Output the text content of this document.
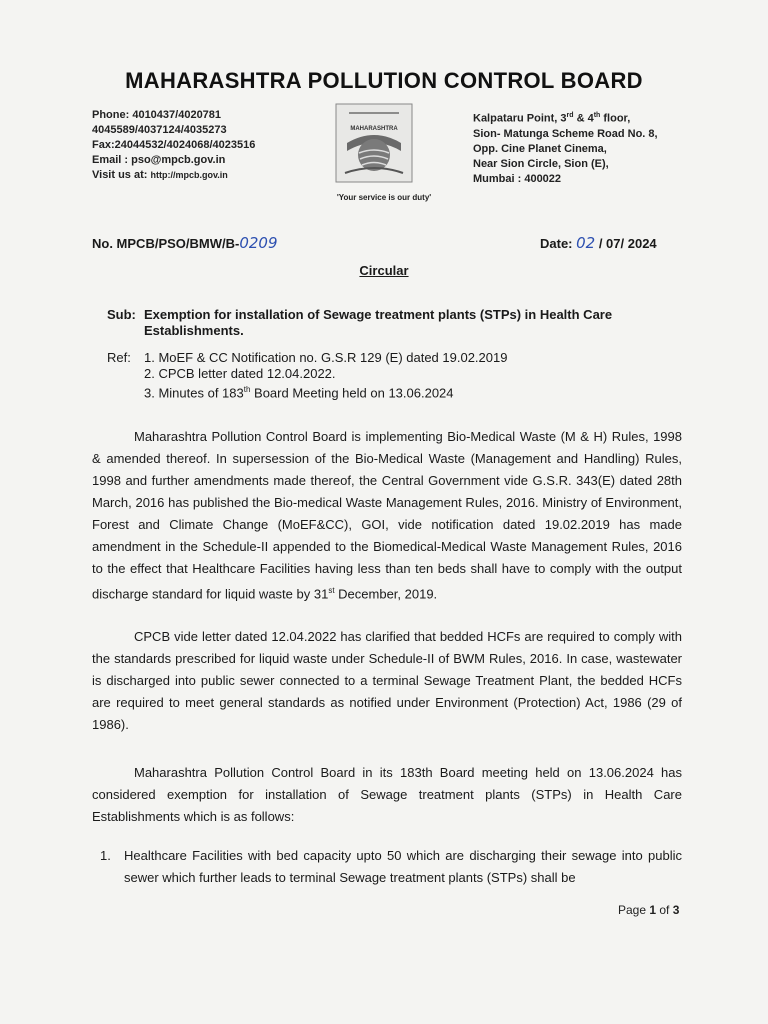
MAHARASHTRA POLLUTION CONTROL BOARD
Phone: 4010437/4020781
4045589/4037124/4035273
Fax:24044532/4024068/4023516
Email : pso@mpcb.gov.in
Visit us at: http://mpcb.gov.in
MAHARASHTRA
Kalpataru Point, 3rd & 4th floor,
Sion- Matunga Scheme Road No. 8,
Opp. Cine Planet Cinema,
Near Sion Circle, Sion (E),
Mumbai : 400022
'Your service is our duty'
No. MPCB/PSO/BMW/B-0209	Date: 02 / 07/ 2024
Circular
Sub: Exemption for installation of Sewage treatment plants (STPs) in Health Care Establishments.
Ref: 1. MoEF & CC Notification no. G.S.R 129 (E) dated 19.02.2019
2. CPCB letter dated 12.04.2022.
3. Minutes of 183th Board Meeting held on 13.06.2024
Maharashtra Pollution Control Board is implementing Bio-Medical Waste (M & H) Rules, 1998 & amended thereof. In supersession of the Bio-Medical Waste (Management and Handling) Rules, 1998 and further amendments made thereof, the Central Government vide G.S.R. 343(E) dated 28th March, 2016 has published the Bio-medical Waste Management Rules, 2016. Ministry of Environment, Forest and Climate Change (MoEF&CC), GOI, vide notification dated 19.02.2019 has made amendment in the Schedule-II appended to the Biomedical-Medical Waste Management Rules, 2016 to the effect that Healthcare Facilities having less than ten beds shall have to comply with the output discharge standard for liquid waste by 31st December, 2019.
CPCB vide letter dated 12.04.2022 has clarified that bedded HCFs are required to comply with the standards prescribed for liquid waste under Schedule-II of BWM Rules, 2016. In case, wastewater is discharged into public sewer connected to a terminal Sewage Treatment Plant, the bedded HCFs are required to meet general standards as notified under Environment (Protection) Act, 1986 (29 of 1986).
Maharashtra Pollution Control Board in its 183th Board meeting held on 13.06.2024 has considered exemption for installation of Sewage treatment plants (STPs) in Health Care Establishments which is as follows:
1. Healthcare Facilities with bed capacity upto 50 which are discharging their sewage into public sewer which further leads to terminal Sewage treatment plants (STPs) shall be
Page 1 of 3
